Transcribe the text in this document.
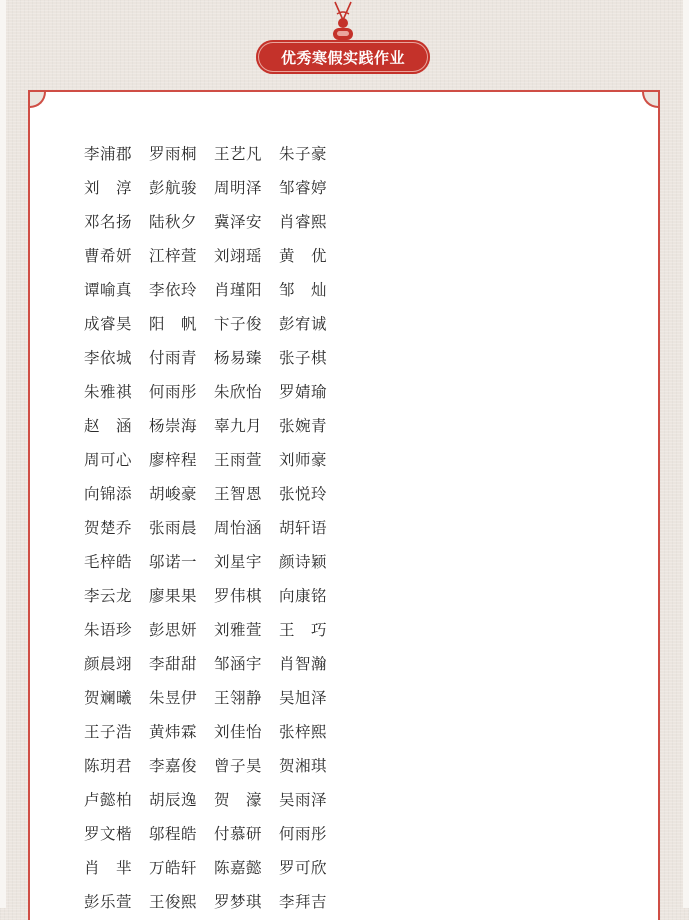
优秀寒假实践作业
李浦郡	罗雨桐	王艺凡	朱子豪
刘　淳	彭航骏	周明泽	邹睿婷
邓名扬	陆秋夕	冀泽安	肖睿熙
曹希妍	江梓萱	刘翊瑶	黄　优
谭喻真	李依玲	肖瑾阳	邹　灿
成睿昊	阳　帆	卞子俊	彭宥诚
李依城	付雨青	杨易臻	张子棋
朱雅祺	何雨彤	朱欣怡	罗婧瑜
赵　涵	杨崇海	辜九月	张婉青
周可心	廖梓程	王雨萱	刘师豪
向锦添	胡峻豪	王智恩	张悦玲
贺楚乔	张雨晨	周怡涵	胡轩语
毛梓皓	邬诺一	刘星宇	颜诗颖
李云龙	廖果果	罗伟棋	向康铭
朱语珍	彭思妍	刘雅萱	王　巧
颜晨翊	李甜甜	邹涵宇	肖智瀚
贺斓曦	朱昱伊	王翎静	吴旭泽
王子浩	黄炜霖	刘佳怡	张梓熙
陈玥君	李嘉俊	曾子昊	贺湘琪
卢懿柏	胡辰逸	贺　濠	吴雨泽
罗文楷	邬程皓	付慕研	何雨彤
肖　芈	万皓轩	陈嘉懿	罗可欣
彭乐萱	王俊熙	罗梦琪	李拜吉
